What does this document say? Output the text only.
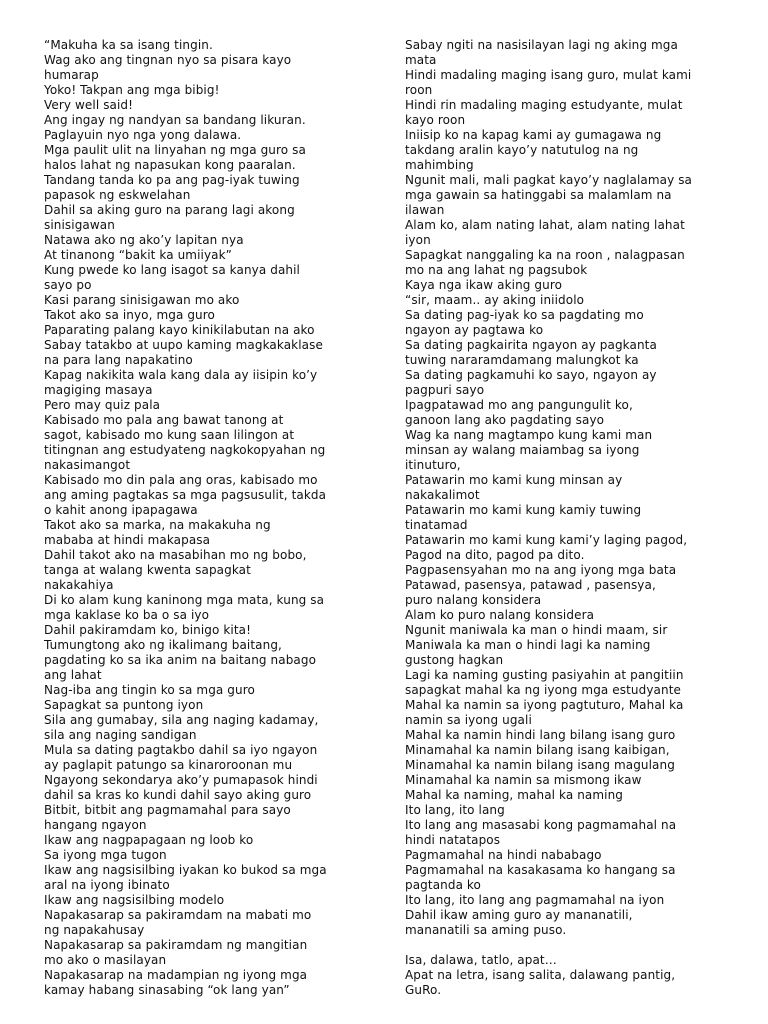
“Makuha ka sa isang tingin.
Wag ako ang tingnan nyo sa pisara kayo
humarap
Yoko! Takpan ang mga bibig!
Very well said!
Ang ingay ng nandyan sa bandang likuran.
Paglayuin nyo nga yong dalawa.
Mga paulit ulit na linyahan ng mga guro sa
halos lahat ng napasukan kong paaralan.
Tandang tanda ko pa ang pag-iyak tuwing
papasok ng eskwelahan
Dahil sa aking guro na parang lagi akong
sinisigawan
Natawa ako ng ako’y lapitan nya
At tinanong “bakit ka umiiyak”
Kung pwede ko lang isagot sa kanya dahil
sayo po
Kasi parang sinisigawan mo ako
Takot ako sa inyo, mga guro
Paparating palang kayo kinikilabutan na ako
Sabay tatakbo at uupo kaming magkakaklase
na para lang napakatino
Kapag nakikita wala kang dala ay iisipin ko’y
magiging masaya
Pero may quiz pala
Kabisado mo pala ang bawat tanong at
sagot, kabisado mo kung saan lilingon at
titingnan ang estudyateng nagkokopyahan ng
nakasimangot
Kabisado mo din pala ang oras, kabisado mo
ang aming pagtakas sa mga pagsusulit, takda
o kahit anong ipapagawa
Takot ako sa marka, na makakuha ng
mababa at hindi makapasa
Dahil takot ako na masabihan mo ng bobo,
tanga at walang kwenta sapagkat
nakakahiya
Di ko alam kung kaninong mga mata, kung sa
mga kaklase ko ba o sa iyo
Dahil pakiramdam ko, binigo kita!
Tumungtong ako ng ikalimang baitang,
pagdating ko sa ika anim na baitang nabago
ang lahat
Nag-iba ang tingin ko sa mga guro
Sapagkat sa puntong iyon
Sila ang gumabay, sila ang naging kadamay,
sila ang naging sandigan
Mula sa dating pagtakbo dahil sa iyo ngayon
ay paglapit patungo sa kinaroroonan mu
Ngayong sekondarya ako’y pumapasok hindi
dahil sa kras ko kundi dahil sayo aking guro
Bitbit, bitbit ang pagmamahal para sayo
hangang ngayon
Ikaw ang nagpapagaan ng loob ko
Sa iyong mga tugon
Ikaw ang nagsisilbing iyakan ko bukod sa mga
aral na iyong ibinato
Ikaw ang nagsisilbing modelo
Napakasarap sa pakiramdam na mabati mo
ng napakahusay
Napakasarap sa pakiramdam ng mangitian
mo ako o masilayan
Napakasarap na madampian ng iyong mga
kamay habang sinasabing “ok lang yan”
Sabay ngiti na nasisilayan lagi ng aking mga
mata
Hindi madaling maging isang guro, mulat kami
roon
Hindi rin madaling maging estudyante, mulat
kayo roon
Iniisip ko na kapag kami ay gumagawa ng
takdang aralin kayo’y natutulog na ng
mahimbing
Ngunit mali, mali pagkat kayo’y naglalamay sa
mga gawain sa hatinggabi sa malamlam na
ilawan
Alam ko, alam nating lahat, alam nating lahat
iyon
Sapagkat nanggaling ka na roon , nalagpasan
mo na ang lahat ng pagsubok
Kaya nga ikaw aking guro
“sir, maam.. ay aking iniidolo
Sa dating pag-iyak ko sa pagdating mo
ngayon ay pagtawa ko
Sa dating pagkairita ngayon ay pagkanta
tuwing nararamdamang malungkot ka
Sa dating pagkamuhi ko sayo, ngayon ay
pagpuri sayo
Ipagpatawad mo ang pangungulit ko,
ganoon lang ako pagdating sayo
Wag ka nang magtampo kung kami man
minsan ay walang maiambag sa iyong
itinuturo,
Patawarin mo kami kung minsan ay
nakakalimot
Patawarin mo kami kung kamiy tuwing
tinatamad
Patawarin mo kami kung kami’y laging pagod,
Pagod na dito, pagod pa dito.
Pagpasensyahan mo na ang iyong mga bata
Patawad, pasensya, patawad , pasensya,
puro nalang konsidera
Alam ko puro nalang konsidera
Ngunit maniwala ka man o hindi maam, sir
Maniwala ka man o hindi lagi ka naming
gustong hagkan
Lagi ka naming gusting pasiyahin at pangitiin
sapagkat mahal ka ng iyong mga estudyante
Mahal ka namin sa iyong pagtuturo, Mahal ka
namin sa iyong ugali
Mahal ka namin hindi lang bilang isang guro
Minamahal ka namin bilang isang kaibigan,
Minamahal ka namin bilang isang magulang
Minamahal ka namin sa mismong ikaw
Mahal ka naming, mahal ka naming
Ito lang, ito lang
Ito lang ang masasabi kong pagmamahal na
hindi natatapos
Pagmamahal na hindi nababago
Pagmamahal na kasakasama ko hangang sa
pagtanda ko
Ito lang, ito lang ang pagmamahal na iyon
Dahil ikaw aming guro ay mananatili,
mananatili sa aming puso.
Isa, dalawa, tatlo, apat…
Apat na letra, isang salita, dalawang pantig,
GuRo.
